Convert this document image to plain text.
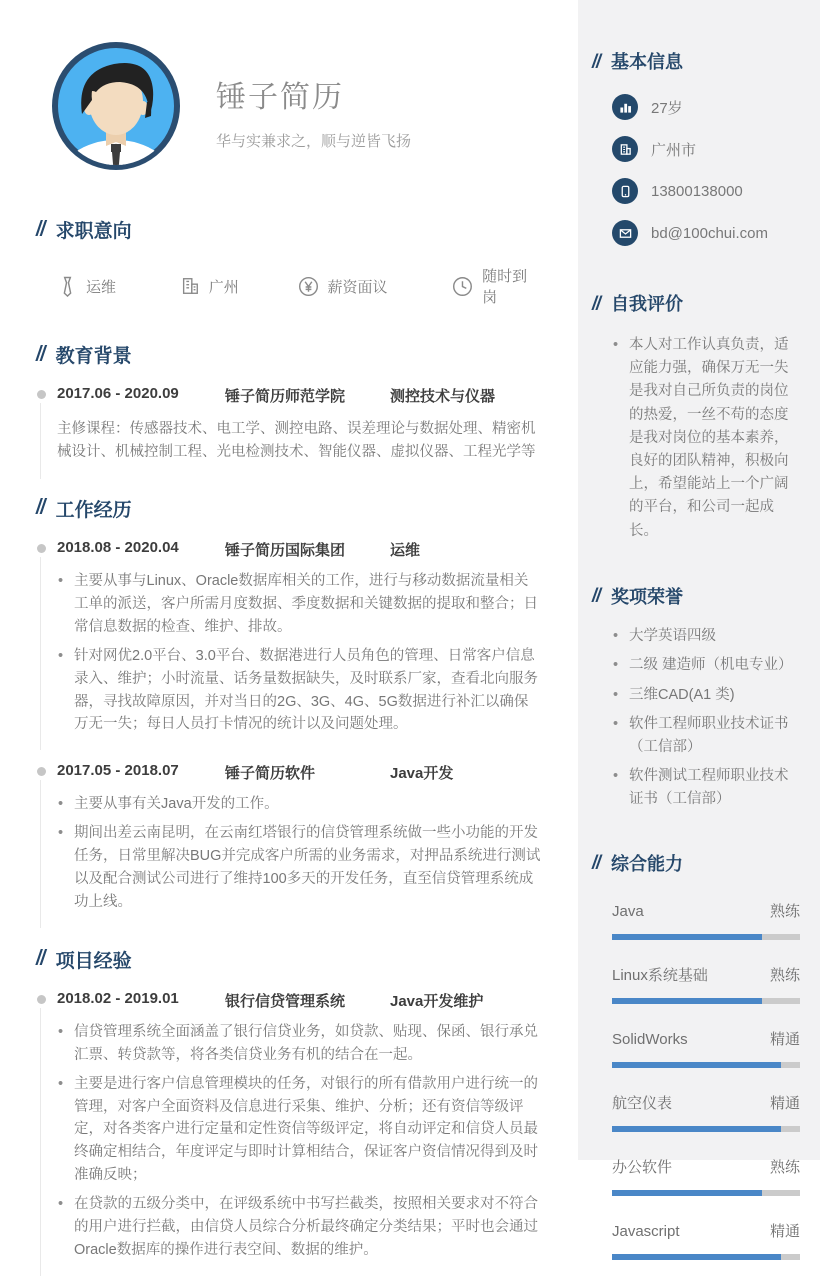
锤子简历
华与实兼求之，顺与逆皆飞扬
// 求职意向
运维	广州	薪资面议
随时到岗
// 教育背景
2017.06 - 2020.09	锤子简历师范学院	测控技术与仪器

主修课程：传感器技术、电工学、测控电路、误差理论与数据处理、精密机械设计、机械控制工程、光电检测技术、智能仪器、虚拟仪器、工程光学等

// 工作经历
2018.08 - 2020.04	锤子简历国际集团	运维
• 主要从事与Linux、Oracle数据库相关的工作，进行与移动数据流量相关工单的派送，客户所需月度数据、季度数据和关键数据的提取和整合；日常信息数据的检查、维护、排故。
• 针对网优2.0平台、3.0平台、数据港进行人员角色的管理、日常客户信息录入、维护；小时流量、话务量数据缺失，及时联系厂家，查看北向服务器，寻找故障原因，并对当日的2G、3G、4G、5G数据进行补汇以确保万无一失；每日人员打卡情况的统计以及问题处理。
2017.05 - 2018.07	锤子简历软件	Java开发
• 主要从事有关Java开发的工作。
• 期间出差云南昆明，在云南红塔银行的信贷管理系统做一些小功能的开发任务，日常里解决BUG并完成客户所需的业务需求，对押品系统进行测试以及配合测试公司进行了维持100多天的开发任务，直至信贷管理系统成功上线。
// 项目经验
2018.02 - 2019.01	银行信贷管理系统	Java开发维护
• 信贷管理系统全面涵盖了银行信贷业务，如贷款、贴现、保函、银行承兑汇票、转贷款等，将各类信贷业务有机的结合在一起。
• 主要是进行客户信息管理模块的任务，对银行的所有借款用户进行统一的管理，对客户全面资料及信息进行采集、维护、分析；还有资信等级评定，对各类客户进行定量和定性资信等级评定，将自动评定和信贷人员最终确定相结合，年度评定与即时计算相结合，保证客户资信情况得到及时准确反映；
• 在贷款的五级分类中，在评级系统中书写拦截类，按照相关要求对不符合的用户进行拦截，由信贷人员综合分析最终确定分类结果；平时也会通过Oracle数据库的操作进行表空间、数据的维护。
// 基本信息
27岁
广州市
13800138000
bd@100chui.com
// 自我评价

• 本人对工作认真负责，适应能力强，确保万无一失是我对自己所负责的岗位的热爱，一丝不苟的态度是我对岗位的基本素养，良好的团队精神，积极向上，希望能站上一个广阔的平台，和公司一起成长。

// 奖项荣誉
• 大学英语四级
• 二级 建造师（机电专业）
• 三维CAD(A1 类)
• 软件工程师职业技术证书（工信部）
• 软件测试工程师职业技术证书（工信部）
// 综合能力
Java	熟练
Linux系统基础	熟练
SolidWorks	精通
航空仪表	精通
办公软件	熟练
Javascript	精通
